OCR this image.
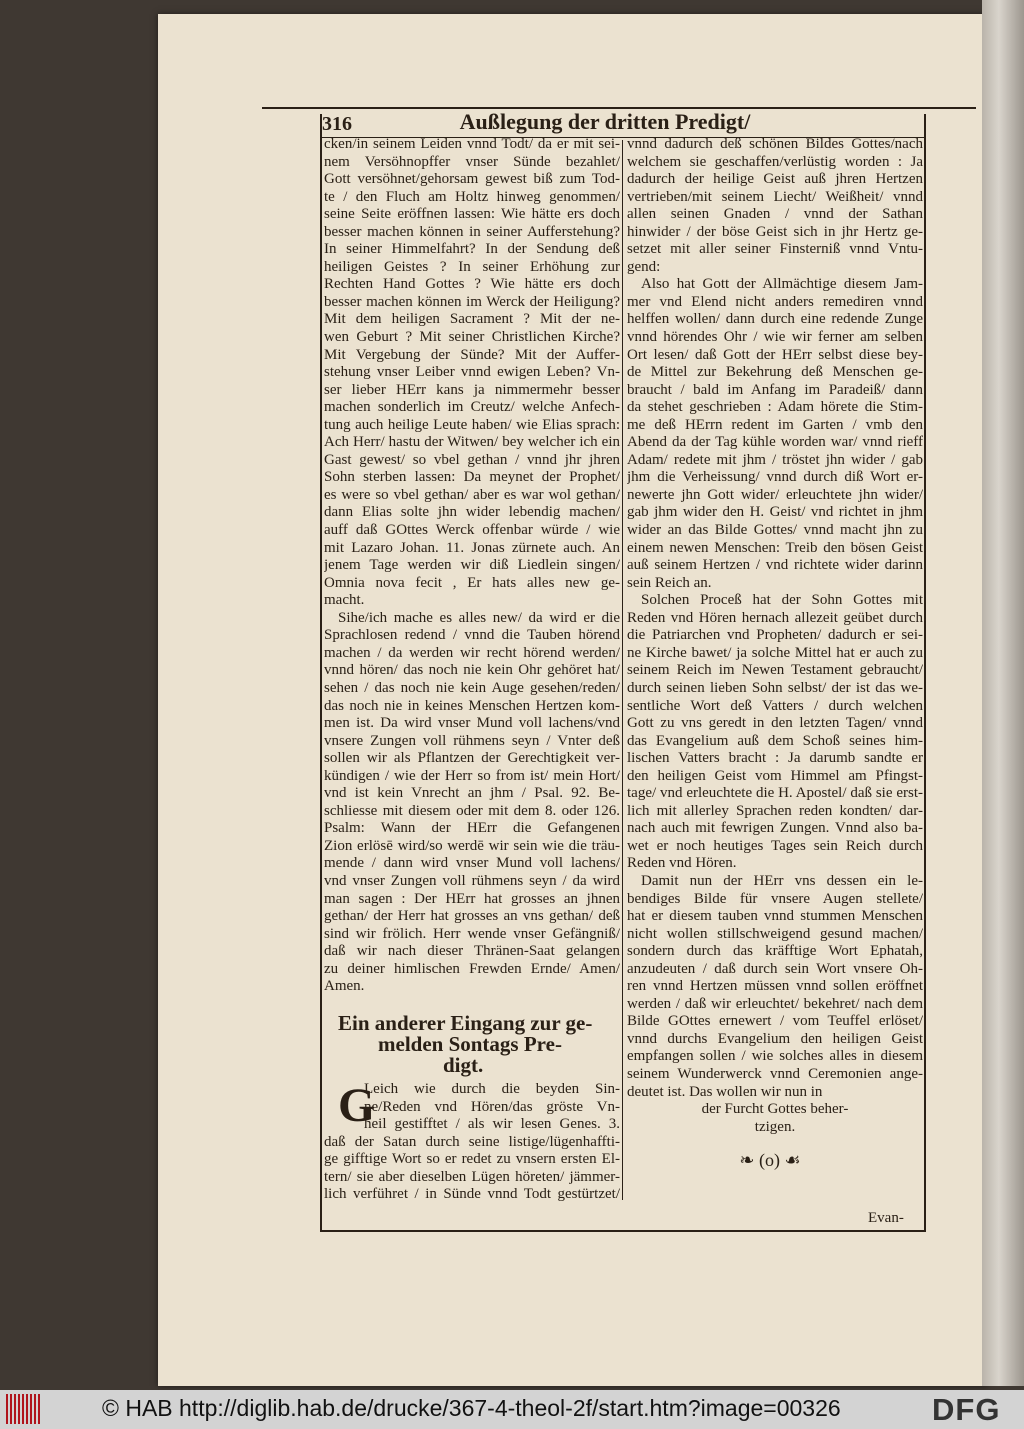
316	Außlegung der dritten Predigt/
cken/in seinem Leiden vnnd Todt/ da er mit sei-
nem Versöhnopffer vnser Sünde bezahlet/
Gott versöhnet/gehorsam gewest biß zum Tod-
te / den Fluch am Holtz hinweg genommen/
seine Seite eröffnen lassen: Wie hätte ers doch
besser machen können in seiner Aufferstehung?
In seiner Himmelfahrt? In der Sendung deß
heiligen Geistes ? In seiner Erhöhung zur
Rechten Hand Gottes ? Wie hätte ers doch
besser machen können im Werck der Heiligung?
Mit dem heiligen Sacrament ? Mit der ne-
wen Geburt ? Mit seiner Christlichen Kirche?
Mit Vergebung der Sünde? Mit der Auffer-
stehung vnser Leiber vnnd ewigen Leben? Vn-
ser lieber HErr kans ja nimmermehr besser
machen sonderlich im Creutz/ welche Anfech-
tung auch heilige Leute haben/ wie Elias sprach:
Ach Herr/ hastu der Witwen/ bey welcher ich ein
Gast gewest/ so vbel gethan / vnnd jhr jhren
Sohn sterben lassen: Da meynet der Prophet/
es were so vbel gethan/ aber es war wol gethan/
dann Elias solte jhn wider lebendig machen/
auff daß GOttes Werck offenbar würde / wie
mit Lazaro Johan. 11. Jonas zürnete auch. An
jenem Tage werden wir diß Liedlein singen/
Omnia nova fecit , Er hats alles new ge-
macht.
Sihe/ich mache es alles new/ da wird er die
Sprachlosen redend / vnnd die Tauben hörend
machen / da werden wir recht hörend werden/
vnnd hören/ das noch nie kein Ohr gehöret hat/
sehen / das noch nie kein Auge gesehen/reden/
das noch nie in keines Menschen Hertzen kom-
men ist. Da wird vnser Mund voll lachens/vnd
vnsere Zungen voll rühmens seyn / Vnter deß
sollen wir als Pflantzen der Gerechtigkeit ver-
kündigen / wie der Herr so from ist/ mein Hort/
vnd ist kein Vnrecht an jhm / Psal. 92. Be-
schliesse mit diesem oder mit dem 8. oder 126.
Psalm: Wann der HErr die Gefangenen
Zion erlösē wird/so werdē wir sein wie die träu-
mende / dann wird vnser Mund voll lachens/
vnd vnser Zungen voll rühmens seyn / da wird
man sagen : Der HErr hat grosses an jhnen
gethan/ der Herr hat grosses an vns gethan/ deß
sind wir frölich. Herr wende vnser Gefängniß/
daß wir nach dieser Thränen-Saat gelangen
zu deiner himlischen Frewden Ernde/ Amen/
Amen.
vnnd dadurch deß schönen Bildes Gottes/nach
welchem sie geschaffen/verlüstig worden : Ja
dadurch der heilige Geist auß jhren Hertzen
vertrieben/mit seinem Liecht/ Weißheit/ vnnd
allen seinen Gnaden / vnnd der Sathan
hinwider / der böse Geist sich in jhr Hertz ge-
setzet mit aller seiner Finsterniß vnnd Vntu-
gend:
Also hat Gott der Allmächtige diesem Jam-
mer vnd Elend nicht anders remediren vnnd
helffen wollen/ dann durch eine redende Zunge
vnnd hörendes Ohr / wie wir ferner am selben
Ort lesen/ daß Gott der HErr selbst diese bey-
de Mittel zur Bekehrung deß Menschen ge-
braucht / bald im Anfang im Paradeiß/ dann
da stehet geschrieben : Adam hörete die Stim-
me deß HErrn redent im Garten / vmb den
Abend da der Tag kühle worden war/ vnnd rieff
Adam/ redete mit jhm / tröstet jhn wider / gab
jhm die Verheissung/ vnnd durch diß Wort er-
newerte jhn Gott wider/ erleuchtete jhn wider/
gab jhm wider den H. Geist/ vnd richtet in jhm
wider an das Bilde Gottes/ vnnd macht jhn zu
einem newen Menschen: Treib den bösen Geist
auß seinem Hertzen / vnd richtete wider darinn
sein Reich an.
Solchen Proceß hat der Sohn Gottes mit
Reden vnd Hören hernach allezeit geübet durch
die Patriarchen vnd Propheten/ dadurch er sei-
ne Kirche bawet/ ja solche Mittel hat er auch zu
seinem Reich im Newen Testament gebraucht/
durch seinen lieben Sohn selbst/ der ist das we-
sentliche Wort deß Vatters / durch welchen
Gott zu vns geredt in den letzten Tagen/ vnnd
das Evangelium auß dem Schoß seines him-
lischen Vatters bracht : Ja darumb sandte er
den heiligen Geist vom Himmel am Pfingst-
tage/ vnd erleuchtete die H. Apostel/ daß sie erst-
lich mit allerley Sprachen reden kondten/ dar-
nach auch mit fewrigen Zungen. Vnnd also ba-
wet er noch heutiges Tages sein Reich durch
Reden vnd Hören.
Damit nun der HErr vns dessen ein le-
bendiges Bilde für vnsere Augen stellete/
hat er diesem tauben vnnd stummen Menschen
nicht wollen stillschweigend gesund machen/
sondern durch das kräfftige Wort Ephatah,
anzudeuten / daß durch sein Wort vnsere Oh-
ren vnnd Hertzen müssen vnnd sollen eröffnet
werden / daß wir erleuchtet/ bekehret/ nach dem
Bilde GOttes ernewert / vom Teuffel erlöset/
vnnd durchs Evangelium den heiligen Geist
empfangen sollen / wie solches alles in diesem
seinem Wunderwerck vnnd Ceremonien ange-
deutet ist. Das wollen wir nun in
der Furcht Gottes beher-
tzigen.
Ein anderer Eingang zur ge-
melden Sontags Pre-
digt.
G
Leich wie durch die beyden Sin-
ne/Reden vnd Hören/das gröste Vn-
heil gestifftet / als wir lesen Genes. 3.
daß der Satan durch seine listige/lügenhaffti-
ge gifftige Wort so er redet zu vnsern ersten El-
tern/ sie aber dieselben Lügen höreten/ jämmer-
lich verführet / in Sünde vnnd Todt gestürtzet/
❧ (o) ☙
Evan-
© HAB http://diglib.hab.de/drucke/367-4-theol-2f/start.htm?image=00326	DFG
